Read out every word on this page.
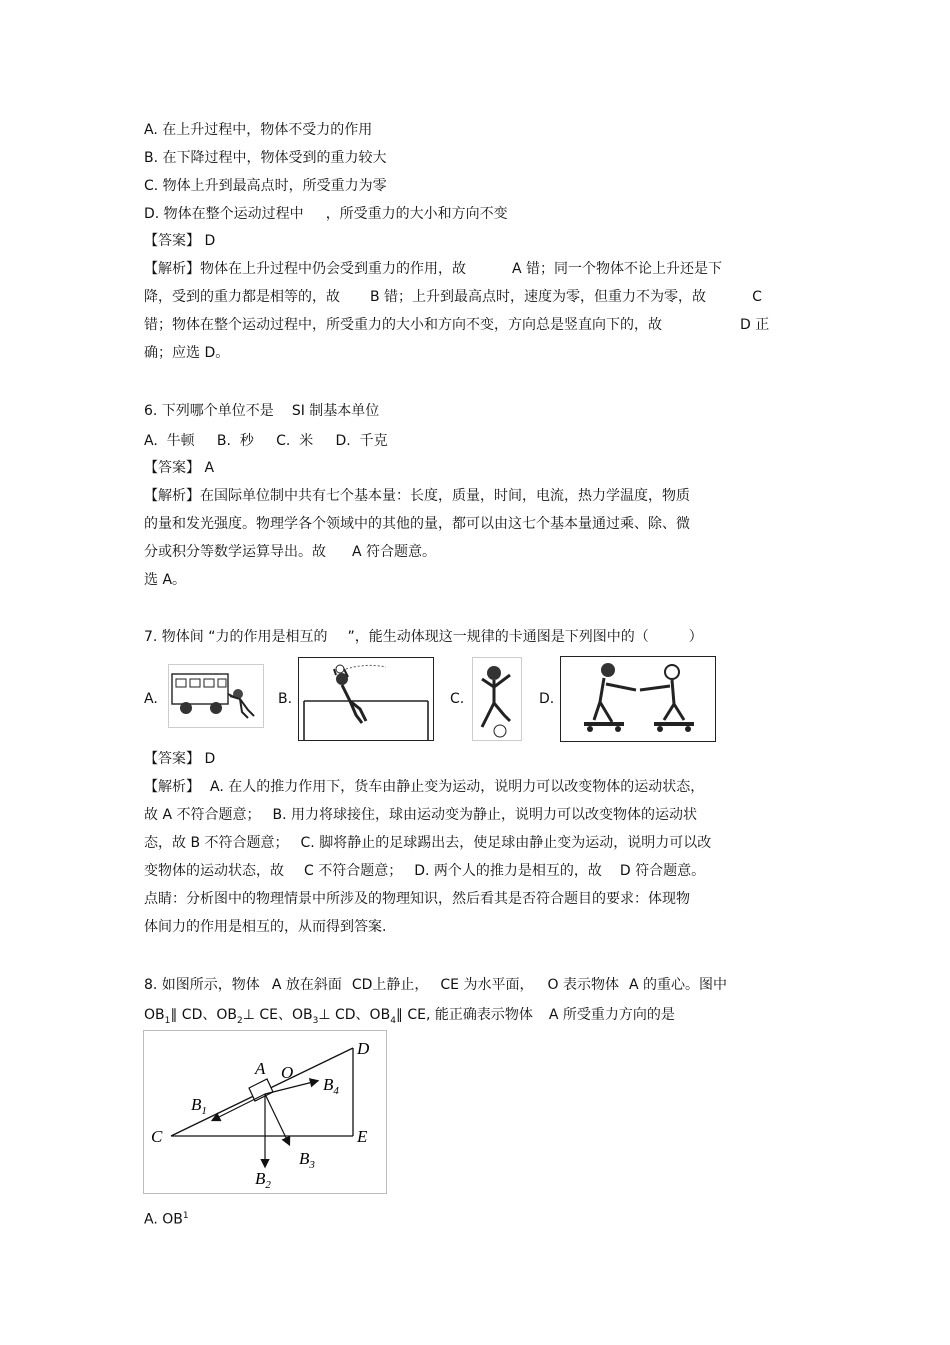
A. 在上升过程中，物体不受力的作用
B. 在下降过程中，物体受到的重力较大
C. 物体上升到最高点时，所受重力为零
D. 物体在整个运动过程中 ，所受重力的大小和方向不变
【答案】 D
【解析】物体在上升过程中仍会受到重力的作用，故	A 错；同一个物体不论上升还是下
降，受到的重力都是相等的，故 B 错；上升到最高点时，速度为零，但重力不为零，故	C
错；物体在整个运动过程中，所受重力的大小和方向不变，方向总是竖直向下的，故	D 正
确；应选 D。
6. 下列哪个单位不是 SI 制基本单位
A.  牛顿     B.  秒     C.  米     D.  千克
【答案】 A
【解析】在国际单位制中共有七个基本量：长度，质量，时间，电流，热力学温度，物质
的量和发光强度。物理学各个领域中的其他的量，都可以由这七个基本量通过乘、除、微
分或积分等数学运算导出。故 A 符合题意。
选 A。
7. 物体间 “力的作用是相互的 ”，能生动体现这一规律的卡通图是下列图中的（	）
A.	B.	C.	D.
【答案】 D
【解析】 A. 在人的推力作用下，货车由静止变为运动，说明力可以改变物体的运动状态，
故 A 不符合题意； B. 用力将球接住，球由运动变为静止，说明力可以改变物体的运动状
态，故 B 不符合题意； C. 脚将静止的足球踢出去，使足球由静止变为运动，说明力可以改
变物体的运动状态，故 C 不符合题意； D. 两个人的推力是相互的，故 D 符合题意。
点睛：分析图中的物理情景中所涉及的物理知识，然后看其是否符合题目的要求：体现物
体间力的作用是相互的，从而得到答案.
8. 如图所示，物体 A 放在斜面 CD上静止， CE 为水平面， O 表示物体 A 的重心。图中
$OB_1\parallel$ CD、$OB_2\perp$ CE、$OB_3\perp$ CD、$OB_4\parallel$ CE, 能正确表示物体 A 所受重力方向的是
A O
C
D
E
$B_1$
$B_2$
$B_3$
$B_4$
A. $OB^1$
